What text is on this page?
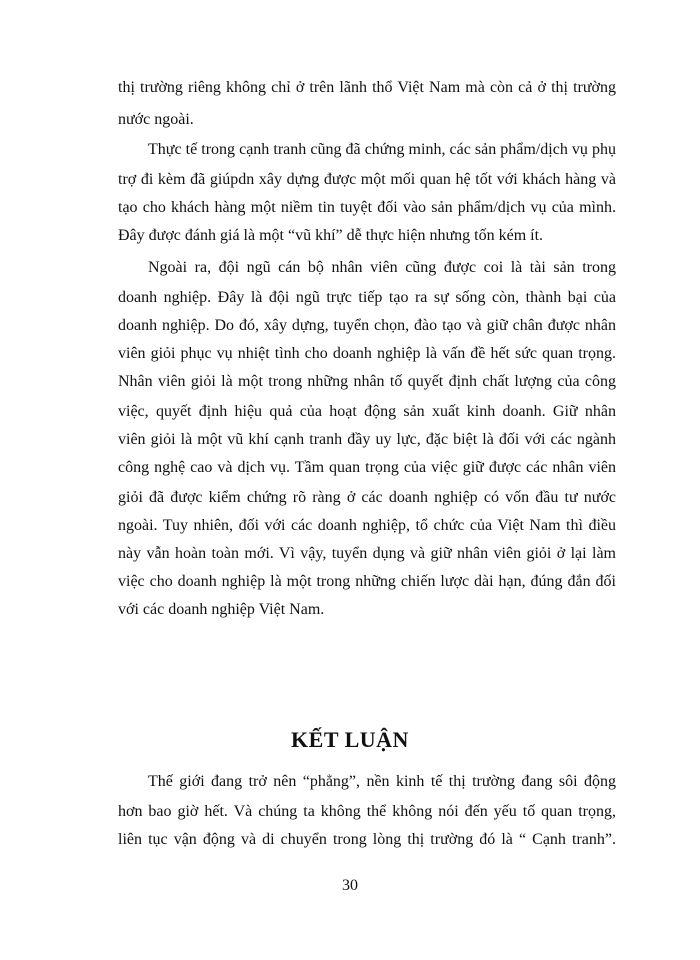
thị trường riêng không chỉ ở trên lãnh thổ Việt Nam mà còn cả ở thị trường
nước ngoài.
Thực tế trong cạnh tranh cũng đã chứng minh, các sản phẩm/dịch vụ phụ
trợ đi kèm đã giúpdn xây dựng được một mối quan hệ tốt với khách hàng và
tạo cho khách hàng một niềm tin tuyệt đối vào sản phẩm/dịch vụ của mình.
Đây được đánh giá là một “vũ khí” dễ thực hiện nhưng tốn kém ít.
Ngoài ra, đội ngũ cán bộ nhân viên cũng được coi là tài sản trong
doanh nghiệp. Đây là đội ngũ trực tiếp tạo ra sự sống còn, thành bại của
doanh nghiệp. Do đó, xây dựng, tuyển chọn, đào tạo và giữ chân được nhân
viên giỏi phục vụ nhiệt tình cho doanh nghiệp là vấn đề hết sức quan trọng.
Nhân viên giỏi là một trong những nhân tố quyết định chất lượng của công
việc, quyết định hiệu quả của hoạt động sản xuất kinh doanh. Giữ nhân
viên giỏi là một vũ khí cạnh tranh đầy uy lực, đặc biệt là đối với các ngành
công nghệ cao và dịch vụ. Tầm quan trọng của việc giữ được các nhân viên
giỏi đã được kiểm chứng rõ ràng ở các doanh nghiệp có vốn đầu tư nước
ngoài. Tuy nhiên, đối với các doanh nghiệp, tổ chức của Việt Nam thì điều
này vẫn hoàn toàn mới. Vì vậy, tuyển dụng và giữ nhân viên giỏi ở lại làm
việc cho doanh nghiệp là một trong những chiến lược dài hạn, đúng đắn đối
với các doanh nghiệp Việt Nam.
KẾT LUẬN
Thế giới đang trở nên “phẳng”, nền kinh tế thị trường đang sôi động
hơn bao giờ hết. Và chúng ta không thể không nói đến yếu tố quan trọng,
liên tục vận động và di chuyển trong lòng thị trường đó là “ Cạnh tranh”.
30
